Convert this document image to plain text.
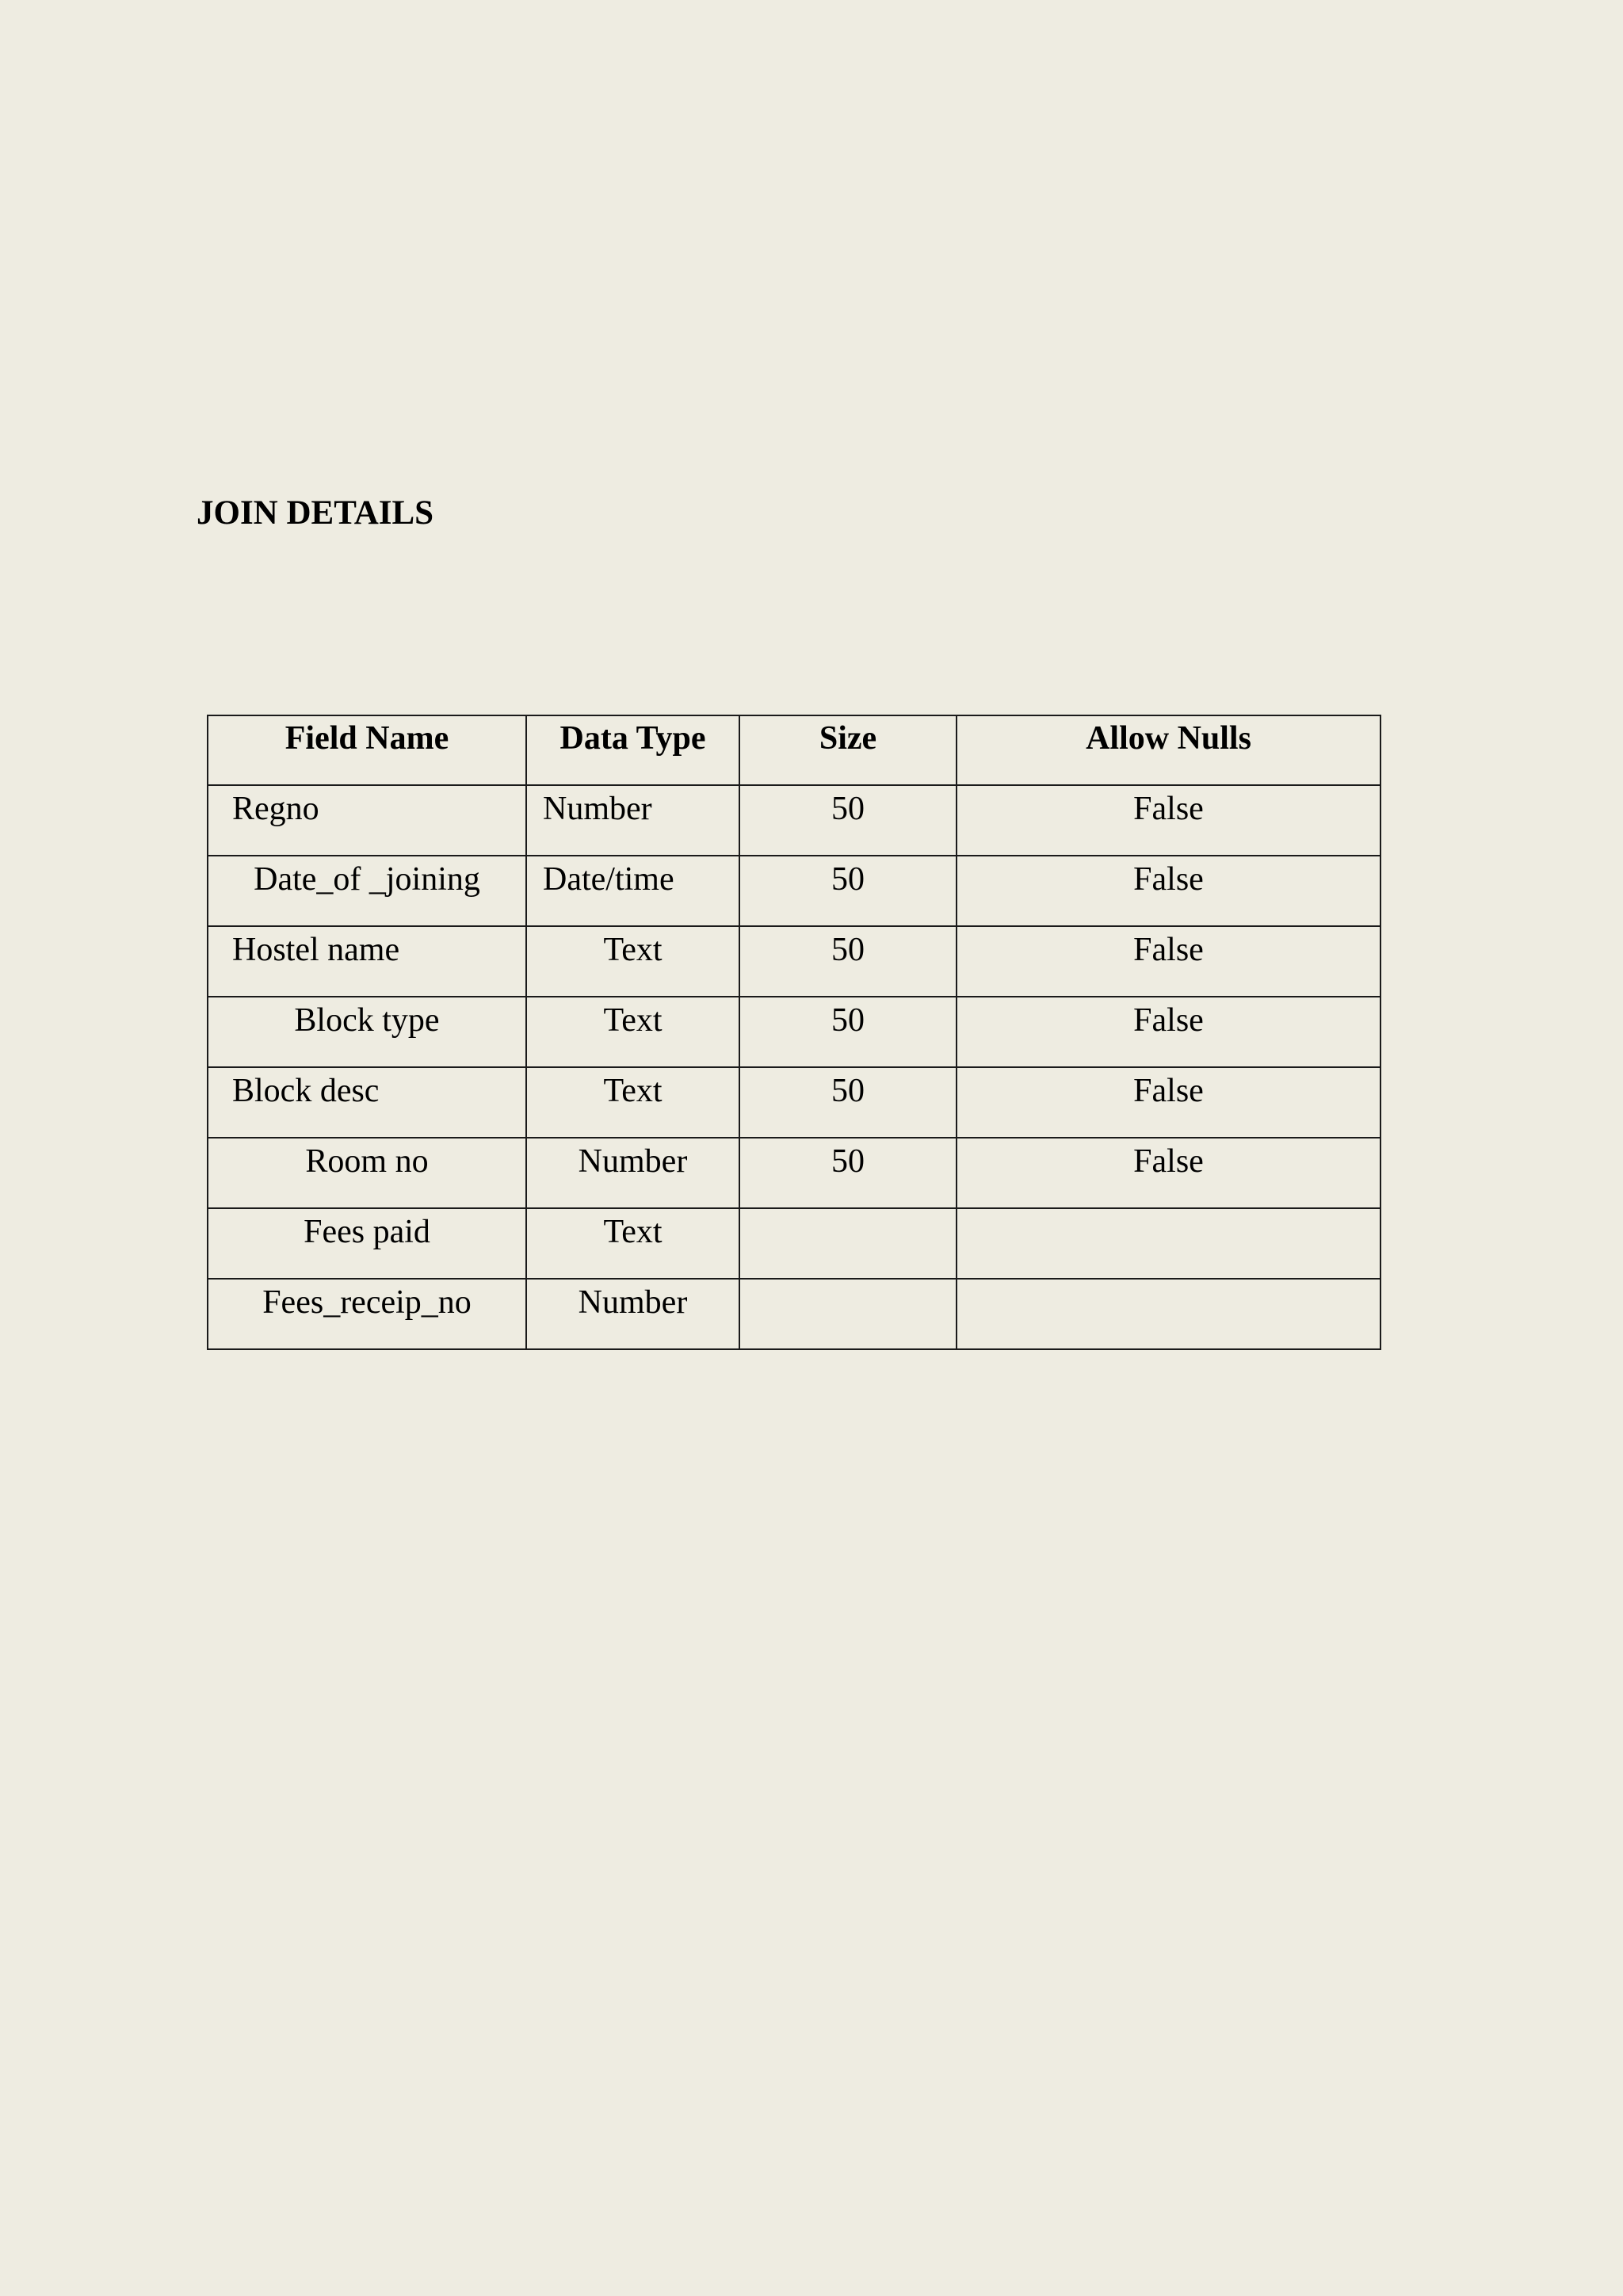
JOIN DETAILS
Field Name	Data Type	Size	Allow Nulls
Regno	Number	50	False
Date_of _joining	Date/time	50	False
Hostel name	Text	50	False
Block type	Text	50	False
Block desc	Text	50	False
Room no	Number	50	False
Fees paid	Text		
Fees_receip_no	Number		
